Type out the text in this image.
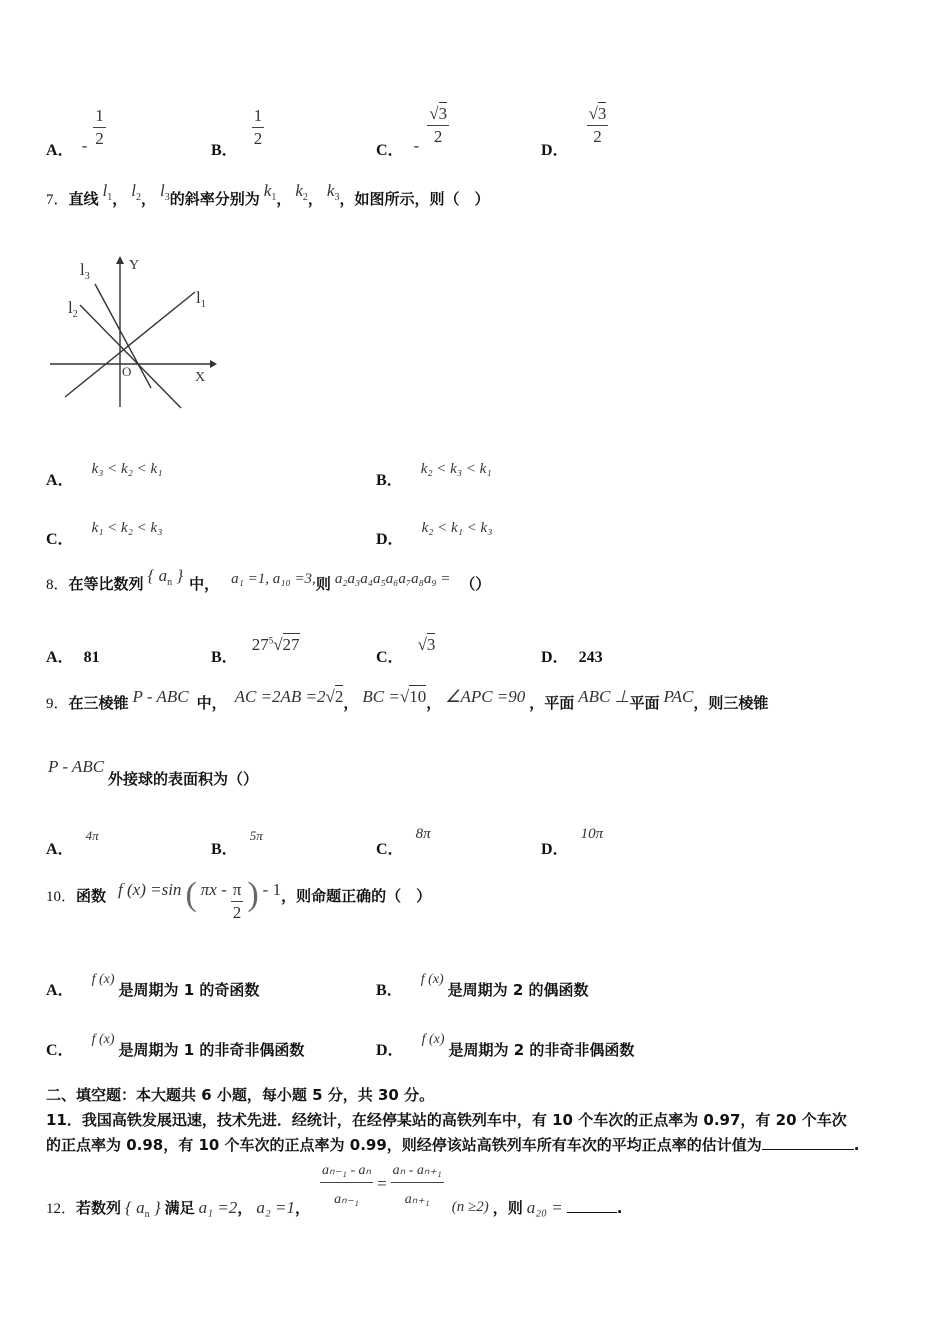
A． - $\frac{1}{2}$
B．
$\frac{1}{2}$
C． - $\frac{√3}{2}$
D．
$\frac{√3}{2}$
7．直线 $l_1$， $l_2$， $l_3$的斜率分别为 $k_1$， $k_2$， $k_3$，如图所示，则（　）
$l_3$
$l_2$
$l_1$
Y
X
O
A． k₃ < k₂ < k₁
B． k₂ < k₃ < k₁
C． k₁ < k₂ < k₃
D． k₂ < k₁ < k₃
8．在等比数列 { $a_n$ } 中， a₁ =1, a₁₀ =3,则 a₂a₃a₄a₅a₆a₇a₈a₉ = （）
A． 81	B． $27^5√27$
C． √3
D． 243
9．在三棱锥 P - ABC 中， AC =2AB =2√2， BC =√10， ∠APC =90 ，平面 ABC ⊥平面 PAC，则三棱锥
P - ABC 外接球的表面积为（）
A． 4π
B． 5π
C． 8π
D． 10π
10．函数 f (x) =sin ( πx - $\frac{\pi}{2}$ ) - 1，则命题正确的（　）
A． f (x) 是周期为 1 的奇函数	B． f (x) 是周期为 2 的偶函数
C． f (x) 是周期为 1 的非奇非偶函数	D． f (x) 是周期为 2 的非奇非偶函数
二、填空题：本大题共 6 小题，每小题 5 分，共 30 分。
11．我国高铁发展迅速，技术先进．经统计，在经停某站的高铁列车中，有 10 个车次的正点率为 0.97，有 20 个车次
的正点率为 0.98，有 10 个车次的正点率为 0.99，则经停该站高铁列车所有车次的平均正点率的估计值为	.
12．若数列 { $a_n$ } 满足 a₁ =2， a₂ =1， $\frac{\text{aₙ₋₁ - aₙ}}{\text{aₙ₋₁}} = \frac{\text{aₙ - aₙ₊₁}}{\text{aₙ₊₁}} (n \ge 2)$ ，则 a₂₀ =	.
